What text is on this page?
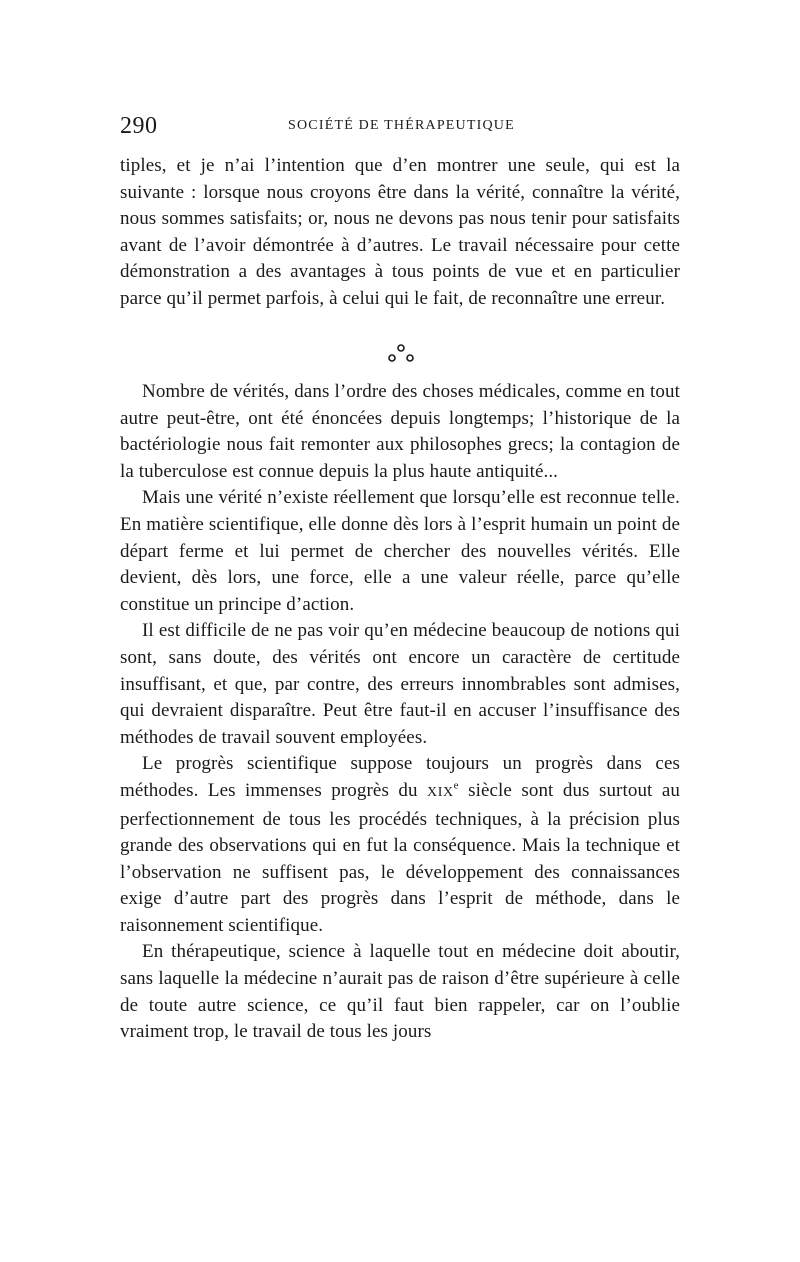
290	SOCIÉTÉ DE THÉRAPEUTIQUE

tiples, et je n’ai l’intention que d’en montrer une seule, qui est la suivante : lorsque nous croyons être dans la vérité, connaître la vérité, nous sommes satisfaits; or, nous ne devons pas nous tenir pour satisfaits avant de l’avoir démontrée à d’autres. Le travail nécessaire pour cette démonstration a des avantages à tous points de vue et en particulier parce qu’il permet parfois, à celui qui le fait, de reconnaître une erreur.

Nombre de vérités, dans l’ordre des choses médicales, comme en tout autre peut-être, ont été énoncées depuis longtemps; l’historique de la bactériologie nous fait remonter aux philosophes grecs; la contagion de la tuberculose est connue depuis la plus haute antiquité...

Mais une vérité n’existe réellement que lorsqu’elle est reconnue telle. En matière scientifique, elle donne dès lors à l’esprit humain un point de départ ferme et lui permet de chercher des nouvelles vérités. Elle devient, dès lors, une force, elle a une valeur réelle, parce qu’elle constitue un principe d’action.

Il est difficile de ne pas voir qu’en médecine beaucoup de notions qui sont, sans doute, des vérités ont encore un caractère de certitude insuffisant, et que, par contre, des erreurs innombrables sont admises, qui devraient disparaître. Peut être faut-il en accuser l’insuffisance des méthodes de travail souvent employées.

Le progrès scientifique suppose toujours un progrès dans ces méthodes. Les immenses progrès du XIXe siècle sont dus surtout au perfectionnement de tous les procédés techniques, à la précision plus grande des observations qui en fut la conséquence. Mais la technique et l’observation ne suffisent pas, le développement des connaissances exige d’autre part des progrès dans l’esprit de méthode, dans le raisonnement scientifique.

En thérapeutique, science à laquelle tout en médecine doit aboutir, sans laquelle la médecine n’aurait pas de raison d’être supérieure à celle de toute autre science, ce qu’il faut bien rappeler, car on l’oublie vraiment trop, le travail de tous les jours
